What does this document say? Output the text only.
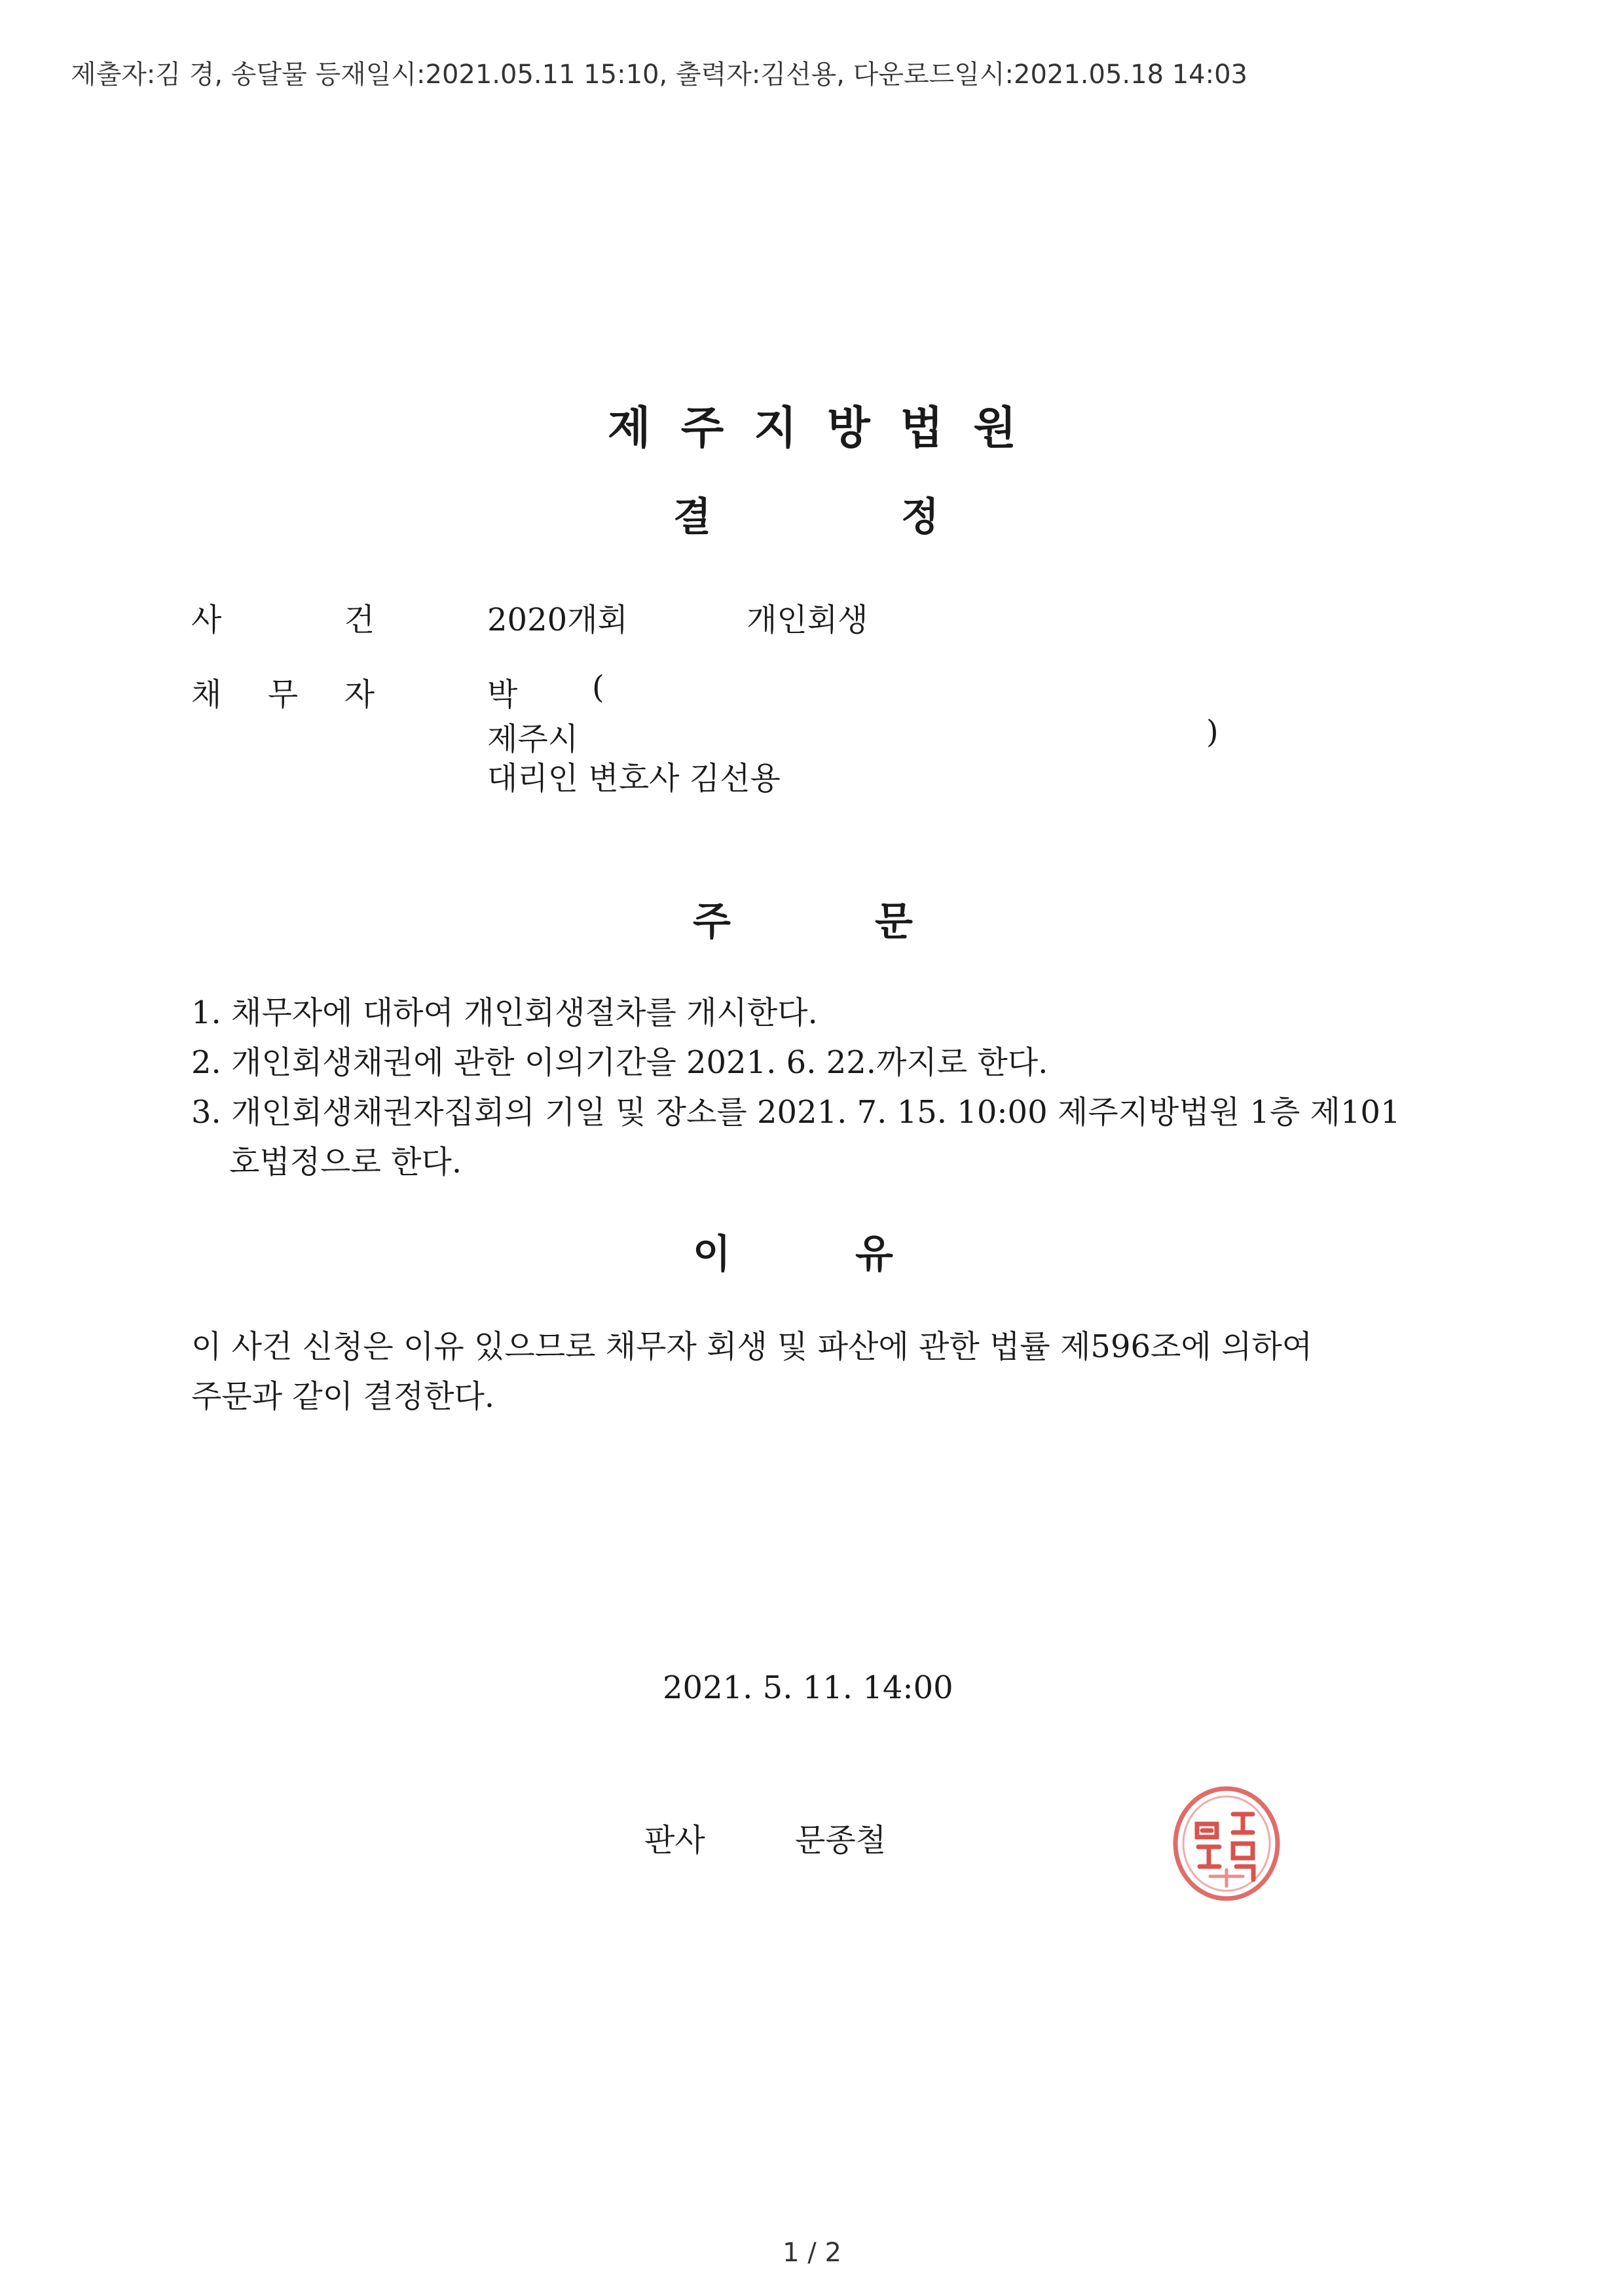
제출자:김 경, 송달물 등재일시:2021.05.11 15:10, 출력자:김선용, 다운로드일시:2021.05.18 14:03
제주지방법원
결	정
사	건	2020개회	개인회생
채 무 자	박 (
제주시	)
대리인 변호사 김선용
주	문
1. 채무자에 대하여 개인회생절차를 개시한다.
2. 개인회생채권에 관한 이의기간을 2021. 6. 22.까지로 한다.
3. 개인회생채권자집회의 기일 및 장소를 2021. 7. 15. 10:00 제주지방법원 1층 제101
호법정으로 한다.
이	유
이 사건 신청은 이유 있으므로 채무자 회생 및 파산에 관한 법률 제596조에 의하여
주문과 같이 결정한다.
2021. 5. 11. 14:00
판사	문종철
1 / 2
